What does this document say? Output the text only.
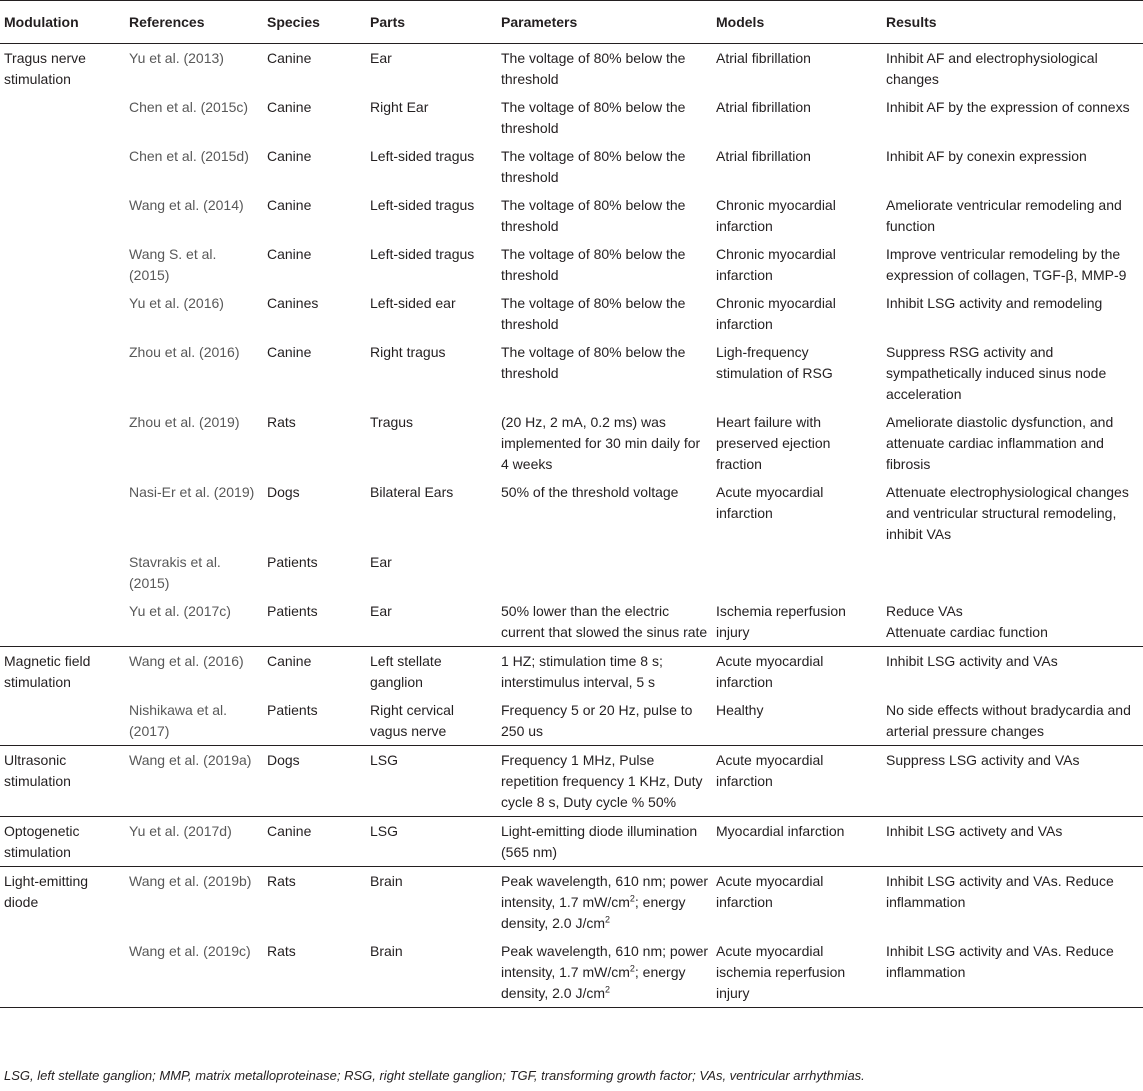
Modulation	References	Species	Parts	Parameters	Models	Results
Tragus nerve stimulation	Yu et al. (2013)	Canine	Ear	The voltage of 80% below the threshold	Atrial fibrillation	Inhibit AF and electrophysiological changes
	Chen et al. (2015c)	Canine	Right Ear	The voltage of 80% below the threshold	Atrial fibrillation	Inhibit AF by the expression of connexs
	Chen et al. (2015d)	Canine	Left-sided tragus	The voltage of 80% below the threshold	Atrial fibrillation	Inhibit AF by conexin expression
	Wang et al. (2014)	Canine	Left-sided tragus	The voltage of 80% below the threshold	Chronic myocardial infarction	Ameliorate ventricular remodeling and function
	Wang S. et al. (2015)	Canine	Left-sided tragus	The voltage of 80% below the threshold	Chronic myocardial infarction	Improve ventricular remodeling by the expression of collagen, TGF-β, MMP-9
	Yu et al. (2016)	Canines	Left-sided ear	The voltage of 80% below the threshold	Chronic myocardial infarction	Inhibit LSG activity and remodeling
	Zhou et al. (2016)	Canine	Right tragus	The voltage of 80% below the threshold	Ligh-frequency stimulation of RSG	Suppress RSG activity and sympathetically induced sinus node acceleration
	Zhou et al. (2019)	Rats	Tragus	(20 Hz, 2 mA, 0.2 ms) was implemented for 30 min daily for 4 weeks	Heart failure with preserved ejection fraction	Ameliorate diastolic dysfunction, and attenuate cardiac inflammation and fibrosis
	Nasi-Er et al. (2019)	Dogs	Bilateral Ears	50% of the threshold voltage	Acute myocardial infarction	Attenuate electrophysiological changes and ventricular structural remodeling, inhibit VAs
	Stavrakis et al. (2015)	Patients	Ear			
	Yu et al. (2017c)	Patients	Ear	50% lower than the electric current that slowed the sinus rate	Ischemia reperfusion injury	Reduce VAs
Attenuate cardiac function
Magnetic field stimulation	Wang et al. (2016)	Canine	Left stellate ganglion	1 HZ; stimulation time 8 s; interstimulus interval, 5 s	Acute myocardial infarction	Inhibit LSG activity and VAs
	Nishikawa et al. (2017)	Patients	Right cervical vagus nerve	Frequency 5 or 20 Hz, pulse to 250 us	Healthy	No side effects without bradycardia and arterial pressure changes
Ultrasonic stimulation	Wang et al. (2019a)	Dogs	LSG	Frequency 1 MHz, Pulse repetition frequency 1 KHz, Duty cycle 8 s, Duty cycle % 50%	Acute myocardial infarction	Suppress LSG activity and VAs
Optogenetic stimulation	Yu et al. (2017d)	Canine	LSG	Light-emitting diode illumination (565 nm)	Myocardial infarction	Inhibit LSG activety and VAs
Light-emitting diode	Wang et al. (2019b)	Rats	Brain	Peak wavelength, 610 nm; power intensity, 1.7 $mW/cm^2$; energy density, 2.0 $J/cm^2$	Acute myocardial infarction	Inhibit LSG activity and VAs. Reduce inflammation
	Wang et al. (2019c)	Rats	Brain	Peak wavelength, 610 nm; power intensity, 1.7 $mW/cm^2$; energy density, 2.0 $J/cm^2$	Acute myocardial ischemia reperfusion injury	Inhibit LSG activity and VAs. Reduce inflammation
LSG, left stellate ganglion; MMP, matrix metalloproteinase; RSG, right stellate ganglion; TGF, transforming growth factor; VAs, ventricular arrhythmias.
